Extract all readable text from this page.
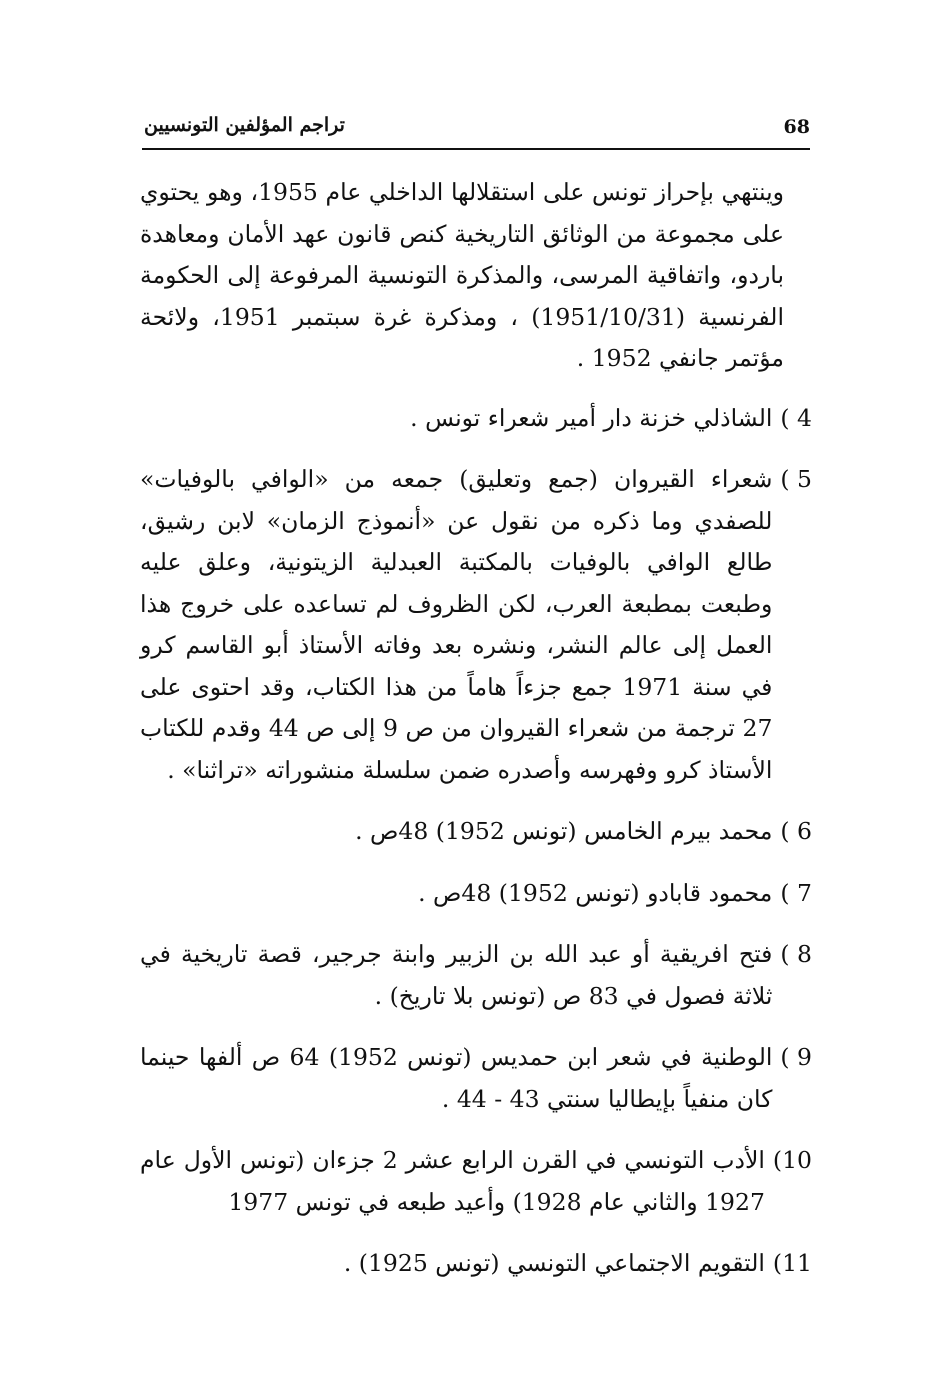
68
تراجم المؤلفين التونسيين

وينتهي بإحراز تونس على استقلالها الداخلي عام 1955، وهو يحتوي على مجموعة من الوثائق التاريخية كنص قانون عهد الأمان ومعاهدة باردو، واتفاقية المرسى، والمذكرة التونسية المرفوعة إلى الحكومة الفرنسية (1951/10/31) ، ومذكرة غرة سبتمبر 1951، ولائحة مؤتمر جانفي 1952 .

4 )
الشاذلي خزنة دار أمير شعراء تونس .
5 )
شعراء القيروان (جمع وتعليق) جمعه من «الوافي بالوفيات» للصفدي وما ذكره من نقول عن «أنموذج الزمان» لابن رشيق، طالع الوافي بالوفيات بالمكتبة العبدلية الزيتونية، وعلق عليه وطبعت بمطبعة العرب، لكن الظروف لم تساعده على خروج هذا العمل إلى عالم النشر، ونشره بعد وفاته الأستاذ أبو القاسم كرو في سنة 1971 جمع جزءاً هاماً من هذا الكتاب، وقد احتوى على 27 ترجمة من شعراء القيروان من ص 9 إلى ص 44 وقدم للكتاب الأستاذ كرو وفهرسه وأصدره ضمن سلسلة منشوراته «تراثنا» .
6 )
محمد بيرم الخامس (تونس 1952) 48ص .
7 )
محمود قابادو (تونس 1952) 48ص .
8 )
فتح افريقية أو عبد الله بن الزبير وابنة جرجير، قصة تاريخية في ثلاثة فصول في 83 ص (تونس بلا تاريخ) .
9 )
الوطنية في شعر ابن حمديس (تونس 1952) 64 ص ألفها حينما كان منفياً بإيطاليا سنتي 43 - 44 .
10)
الأدب التونسي في القرن الرابع عشر 2 جزءان (تونس الأول عام 1927 والثاني عام 1928) وأعيد طبعه في تونس 1977
11)
التقويم الاجتماعي التونسي (تونس 1925) .
